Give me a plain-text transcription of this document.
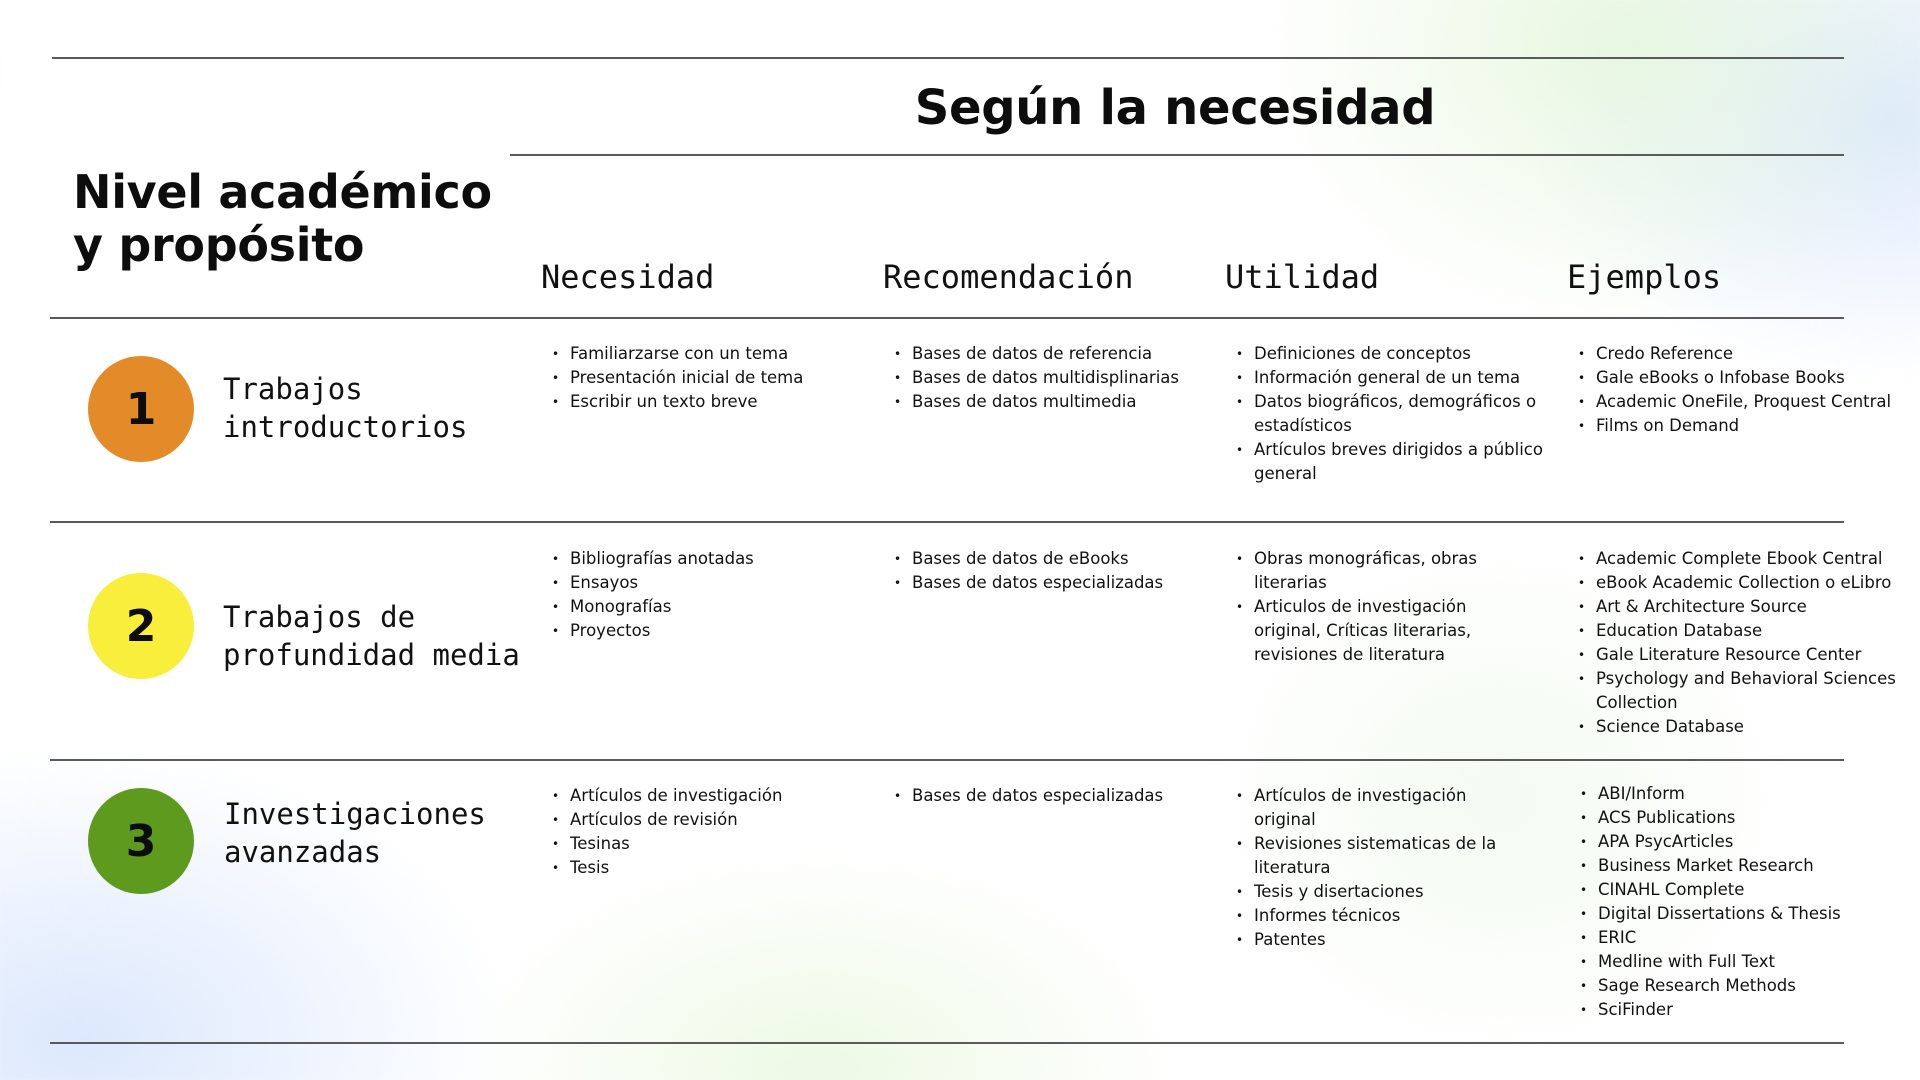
Según la necesidad
Nivel académico
y propósito
Necesidad	Recomendación	Utilidad	Ejemplos
1 Trabajos
introductorios
• Familiarzarse con un tema
• Presentación inicial de tema
• Escribir un texto breve
• Bases de datos de referencia
• Bases de datos multidisplinarias
• Bases de datos multimedia
• Definiciones de conceptos
• Información general de un tema
• Datos biográficos, demográficos o estadísticos
• Artículos breves dirigidos a público general
• Credo Reference
• Gale eBooks o Infobase Books
• Academic OneFile, Proquest Central
• Films on Demand
2 Trabajos de
profundidad media
• Bibliografías anotadas
• Ensayos
• Monografías
• Proyectos
• Bases de datos de eBooks
• Bases de datos especializadas
• Obras monográficas, obras literarias
• Articulos de investigación original, Críticas literarias, revisiones de literatura
• Academic Complete Ebook Central
• eBook Academic Collection o eLibro
• Art & Architecture Source
• Education Database
• Gale Literature Resource Center
• Psychology and Behavioral Sciences Collection
• Science Database
3
Investigaciones
avanzadas
• Artículos de investigación
• Artículos de revisión
• Tesinas
• Tesis
• Bases de datos especializadas
•	Artículos de investigación original
• Revisiones sistematicas de la literatura
• Tesis y disertaciones
• Informes técnicos
• Patentes
• ABI/Inform
• ACS Publications
• APA PsycArticles
• Business Market Research
• CINAHL Complete
• Digital Dissertations & Thesis
• ERIC
• Medline with Full Text
• Sage Research Methods
• SciFinder
